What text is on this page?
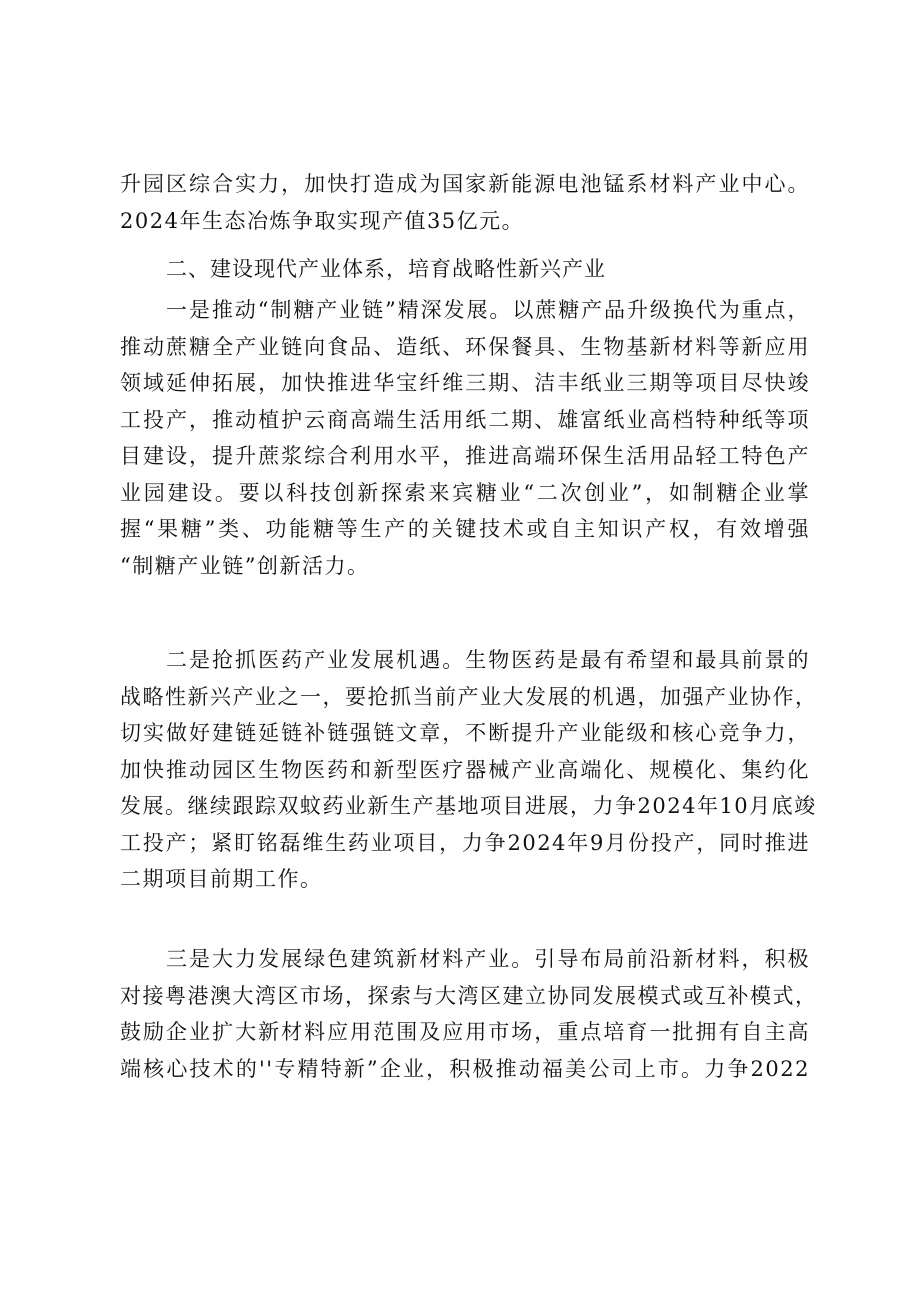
升园区综合实力，加快打造成为国家新能源电池锰系材料产业中心。
2024年生态冶炼争取实现产值35亿元。
二、建设现代产业体系，培育战略性新兴产业
一是推动“制糖产业链”精深发展。以蔗糖产品升级换代为重点，
推动蔗糖全产业链向食品、造纸、环保餐具、生物基新材料等新应用
领域延伸拓展，加快推进华宝纤维三期、洁丰纸业三期等项目尽快竣
工投产，推动植护云商高端生活用纸二期、雄富纸业高档特种纸等项
目建设，提升蔗浆综合利用水平，推进高端环保生活用品轻工特色产
业园建设。要以科技创新探索来宾糖业“二次创业”，如制糖企业掌
握“果糖”类、功能糖等生产的关键技术或自主知识产权，有效增强
“制糖产业链”创新活力。
二是抢抓医药产业发展机遇。生物医药是最有希望和最具前景的
战略性新兴产业之一，要抢抓当前产业大发展的机遇，加强产业协作，
切实做好建链延链补链强链文章，不断提升产业能级和核心竞争力，
加快推动园区生物医药和新型医疗器械产业高端化、规模化、集约化
发展。继续跟踪双蚊药业新生产基地项目进展，力争2024年10月底竣
工投产；紧盯铭磊维生药业项目，力争2024年9月份投产，同时推进
二期项目前期工作。
三是大力发展绿色建筑新材料产业。引导布局前沿新材料，积极
对接粤港澳大湾区市场，探索与大湾区建立协同发展模式或互补模式，
鼓励企业扩大新材料应用范围及应用市场，重点培育一批拥有自主高
端核心技术的''专精特新”企业，积极推动福美公司上市。力争2022
